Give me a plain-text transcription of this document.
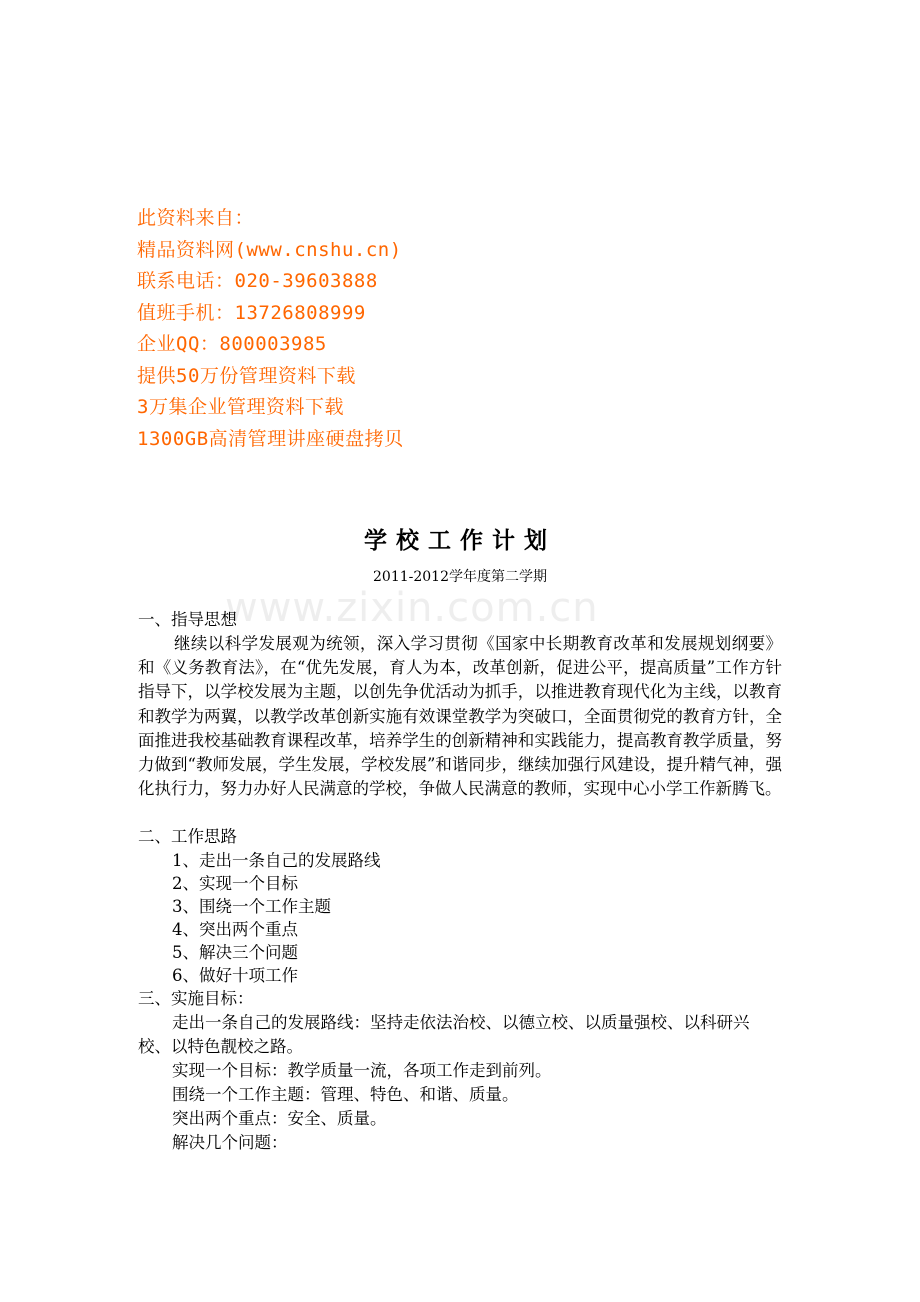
www.zixin.com.cn
此资料来自：
精品资料网(www.cnshu.cn)
联系电话：020-39603888
值班手机：13726808999
企业QQ：800003985
提供50万份管理资料下载
3万集企业管理资料下载
1300GB高清管理讲座硬盘拷贝
学校工作计划
2011-2012学年度第二学期
一、指导思想

继续以科学发展观为统领，深入学习贯彻《国家中长期教育改革和发展规划纲要》和《义务教育法》，在“优先发展，育人为本，改革创新，促进公平，提高质量”工作方针指导下，以学校发展为主题，以创先争优活动为抓手，以推进教育现代化为主线，以教育和教学为两翼，以教学改革创新实施有效课堂教学为突破口，全面贯彻党的教育方针，全面推进我校基础教育课程改革，培养学生的创新精神和实践能力，提高教育教学质量，努力做到“教师发展，学生发展，学校发展”和谐同步，继续加强行风建设，提升精气神，强化执行力，努力办好人民满意的学校，争做人民满意的教师，实现中心小学工作新腾飞。

二、工作思路
1、走出一条自己的发展路线
2、实现一个目标
3、围绕一个工作主题
4、突出两个重点
5、解决三个问题
6、做好十项工作
三、实施目标：

走出一条自己的发展路线：坚持走依法治校、以德立校、以质量强校、以科研兴校、以特色靓校之路。

实现一个目标：教学质量一流，各项工作走到前列。

围绕一个工作主题：管理、特色、和谐、质量。

突出两个重点：安全、质量。

解决几个问题：
